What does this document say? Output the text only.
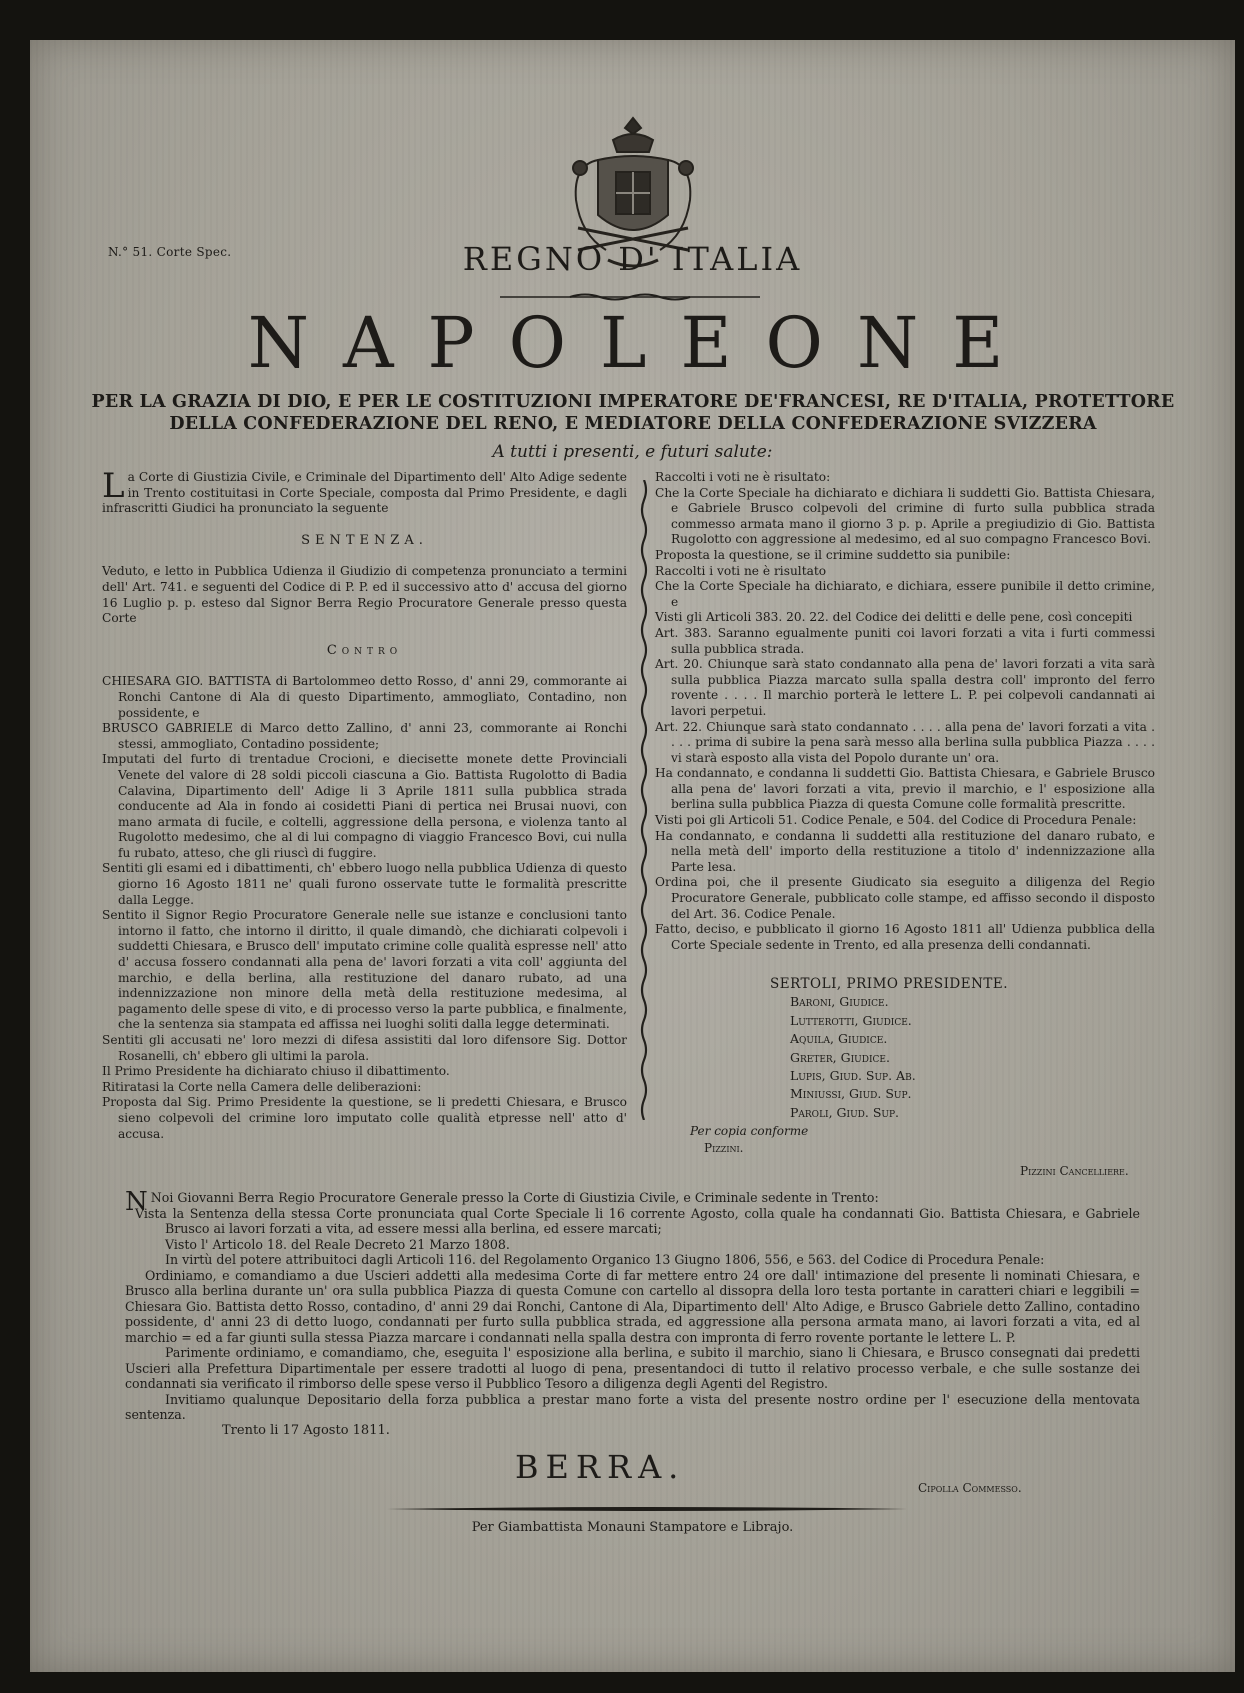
N.° 51. Corte Spec.	REGNO D' ITALIA
NAPOLEONE
PER LA GRAZIA DI DIO, E PER LE COSTITUZIONI IMPERATORE DE'FRANCESI, RE D'ITALIA, PROTETTORE
DELLA CONFEDERAZIONE DEL RENO, E MEDIATORE DELLA CONFEDERAZIONE SVIZZERA
A tutti i presenti, e futuri salute:

La Corte di Giustizia Civile, e Criminale del Dipartimento dell' Alto Adige sedente in Trento costituitasi in Corte Speciale, composta dal Primo Presidente, e dagli infrascritti Giudici ha pronunciato la seguente

SENTENZA.

Veduto, e letto in Pubblica Udienza il Giudizio di competenza pronunciato a termini dell' Art. 741. e seguenti del Codice di P. P. ed il successivo atto d' accusa del giorno 16 Luglio p. p. esteso dal Signor Berra Regio Procuratore Generale presso questa Corte

Contro

CHIESARA GIO. BATTISTA di Bartolommeo detto Rosso, d' anni 29, commorante ai Ronchi Cantone di Ala di questo Dipartimento, ammogliato, Contadino, non possidente, e

BRUSCO GABRIELE di Marco detto Zallino, d' anni 23, commorante ai Ronchi stessi, ammogliato, Contadino possidente;

Imputati del furto di trentadue Crocioni, e diecisette monete dette Provinciali Venete del valore di 28 soldi piccoli ciascuna a Gio. Battista Rugolotto di Badia Calavina, Dipartimento dell' Adige li 3 Aprile 1811 sulla pubblica strada conducente ad Ala in fondo ai cosidetti Piani di pertica nei Brusai nuovi, con mano armata di fucile, e coltelli, aggressione della persona, e violenza tanto al Rugolotto medesimo, che al di lui compagno di viaggio Francesco Bovi, cui nulla fu rubato, atteso, che gli riuscì di fuggire.

Sentiti gli esami ed i dibattimenti, ch' ebbero luogo nella pubblica Udienza di questo giorno 16 Agosto 1811 ne' quali furono osservate tutte le formalità prescritte dalla Legge.

Sentito il Signor Regio Procuratore Generale nelle sue istanze e conclusioni tanto intorno il fatto, che intorno il diritto, il quale dimandò, che dichiarati colpevoli i suddetti Chiesara, e Brusco dell' imputato crimine colle qualità espresse nell' atto d' accusa fossero condannati alla pena de' lavori forzati a vita coll' aggiunta del marchio, e della berlina, alla restituzione del danaro rubato, ad una indennizzazione non minore della metà della restituzione medesima, al pagamento delle spese di vito, e di processo verso la parte pubblica, e finalmente, che la sentenza sia stampata ed affissa nei luoghi soliti dalla legge determinati.

Sentiti gli accusati ne' loro mezzi di difesa assistiti dal loro difensore Sig. Dottor Rosanelli, ch' ebbero gli ultimi la parola.

Il Primo Presidente ha dichiarato chiuso il dibattimento.

Ritiratasi la Corte nella Camera delle deliberazioni:

Proposta dal Sig. Primo Presidente la questione, se li predetti Chiesara, e Brusco sieno colpevoli del crimine loro imputato colle qualità etpresse nell' atto d' accusa.

Raccolti i voti ne è risultato:

Che la Corte Speciale ha dichiarato e dichiara li suddetti Gio. Battista Chiesara, e Gabriele Brusco colpevoli del crimine di furto sulla pubblica strada commesso armata mano il giorno 3 p. p. Aprile a pregiudizio di Gio. Battista Rugolotto con aggressione al medesimo, ed al suo compagno Francesco Bovi.

Proposta la questione, se il crimine suddetto sia punibile:

Raccolti i voti ne è risultato

Che la Corte Speciale ha dichiarato, e dichiara, essere punibile il detto crimine, e

Visti gli Articoli 383. 20. 22. del Codice dei delitti e delle pene, così concepiti

Art. 383. Saranno egualmente puniti coi lavori forzati a vita i furti commessi sulla pubblica strada.

Art. 20. Chiunque sarà stato condannato alla pena de' lavori forzati a vita sarà sulla pubblica Piazza marcato sulla spalla destra coll' impronto del ferro rovente . . . . Il marchio porterà le lettere L. P. pei colpevoli candannati ai lavori perpetui.

Art. 22. Chiunque sarà stato condannato . . . . alla pena de' lavori forzati a vita . . . . prima di subire la pena sarà messo alla berlina sulla pubblica Piazza . . . . vi starà esposto alla vista del Popolo durante un' ora.

Ha condannato, e condanna li suddetti Gio. Battista Chiesara, e Gabriele Brusco alla pena de' lavori forzati a vita, previo il marchio, e l' esposizione alla berlina sulla pubblica Piazza di questa Comune colle formalità prescritte.

Visti poi gli Articoli 51. Codice Penale, e 504. del Codice di Procedura Penale:

Ha condannato, e condanna li suddetti alla restituzione del danaro rubato, e nella metà dell' importo della restituzione a titolo d' indennizzazione alla Parte lesa.

Ordina poi, che il presente Giudicato sia eseguito a diligenza del Regio Procuratore Generale, pubblicato colle stampe, ed affisso secondo il disposto del Art. 36. Codice Penale.

Fatto, deciso, e pubblicato il giorno 16 Agosto 1811 all' Udienza pubblica della Corte Speciale sedente in Trento, ed alla presenza delli condannati.

SERTOLI, PRIMO PRESIDENTE.
Baroni, Giudice.
Lutterotti, Giudice.
Aquila, Giudice.
Greter, Giudice.
Lupis, Giud. Sup. Ab.
Miniussi, Giud. Sup.
Paroli, Giud. Sup.
Per copia conforme
Pizzini.
Pizzini Cancelliere.

N Noi Giovanni Berra Regio Procuratore Generale presso la Corte di Giustizia Civile, e Criminale sedente in Trento:

Vista la Sentenza della stessa Corte pronunciata qual Corte Speciale li 16 corrente Agosto, colla quale ha condannati Gio. Battista Chiesara, e Gabriele Brusco ai lavori forzati a vita, ad essere messi alla berlina, ed essere marcati;

Visto l' Articolo 18. del Reale Decreto 21 Marzo 1808.

In virtù del potere attribuitoci dagli Articoli 116. del Regolamento Organico 13 Giugno 1806, 556, e 563. del Codice di Procedura Penale:

Ordiniamo, e comandiamo a due Uscieri addetti alla medesima Corte di far mettere entro 24 ore dall' intimazione del presente li nominati Chiesara, e Brusco alla berlina durante un' ora sulla pubblica Piazza di questa Comune con cartello al dissopra della loro testa portante in caratteri chiari e leggibili = Chiesara Gio. Battista detto Rosso, contadino, d' anni 29 dai Ronchi, Cantone di Ala, Dipartimento dell' Alto Adige, e Brusco Gabriele detto Zallino, contadino possidente, d' anni 23 di detto luogo, condannati per furto sulla pubblica strada, ed aggressione alla persona armata mano, ai lavori forzati a vita, ed al marchio = ed a far giunti sulla stessa Piazza marcare i condannati nella spalla destra con impronta di ferro rovente portante le lettere L. P.

Parimente ordiniamo, e comandiamo, che, eseguita l' esposizione alla berlina, e subito il marchio, siano li Chiesara, e Brusco consegnati dai predetti Uscieri alla Prefettura Dipartimentale per essere tradotti al luogo di pena, presentandoci di tutto il relativo processo verbale, e che sulle sostanze dei condannati sia verificato il rimborso delle spese verso il Pubblico Tesoro a diligenza degli Agenti del Registro.

Invitiamo qualunque Depositario della forza pubblica a prestar mano forte a vista del presente nostro ordine per l' esecuzione della mentovata sentenza.

Trento li 17 Agosto 1811.
BERRA.
Cipolla Commesso.
Per Giambattista Monauni Stampatore e Librajo.
